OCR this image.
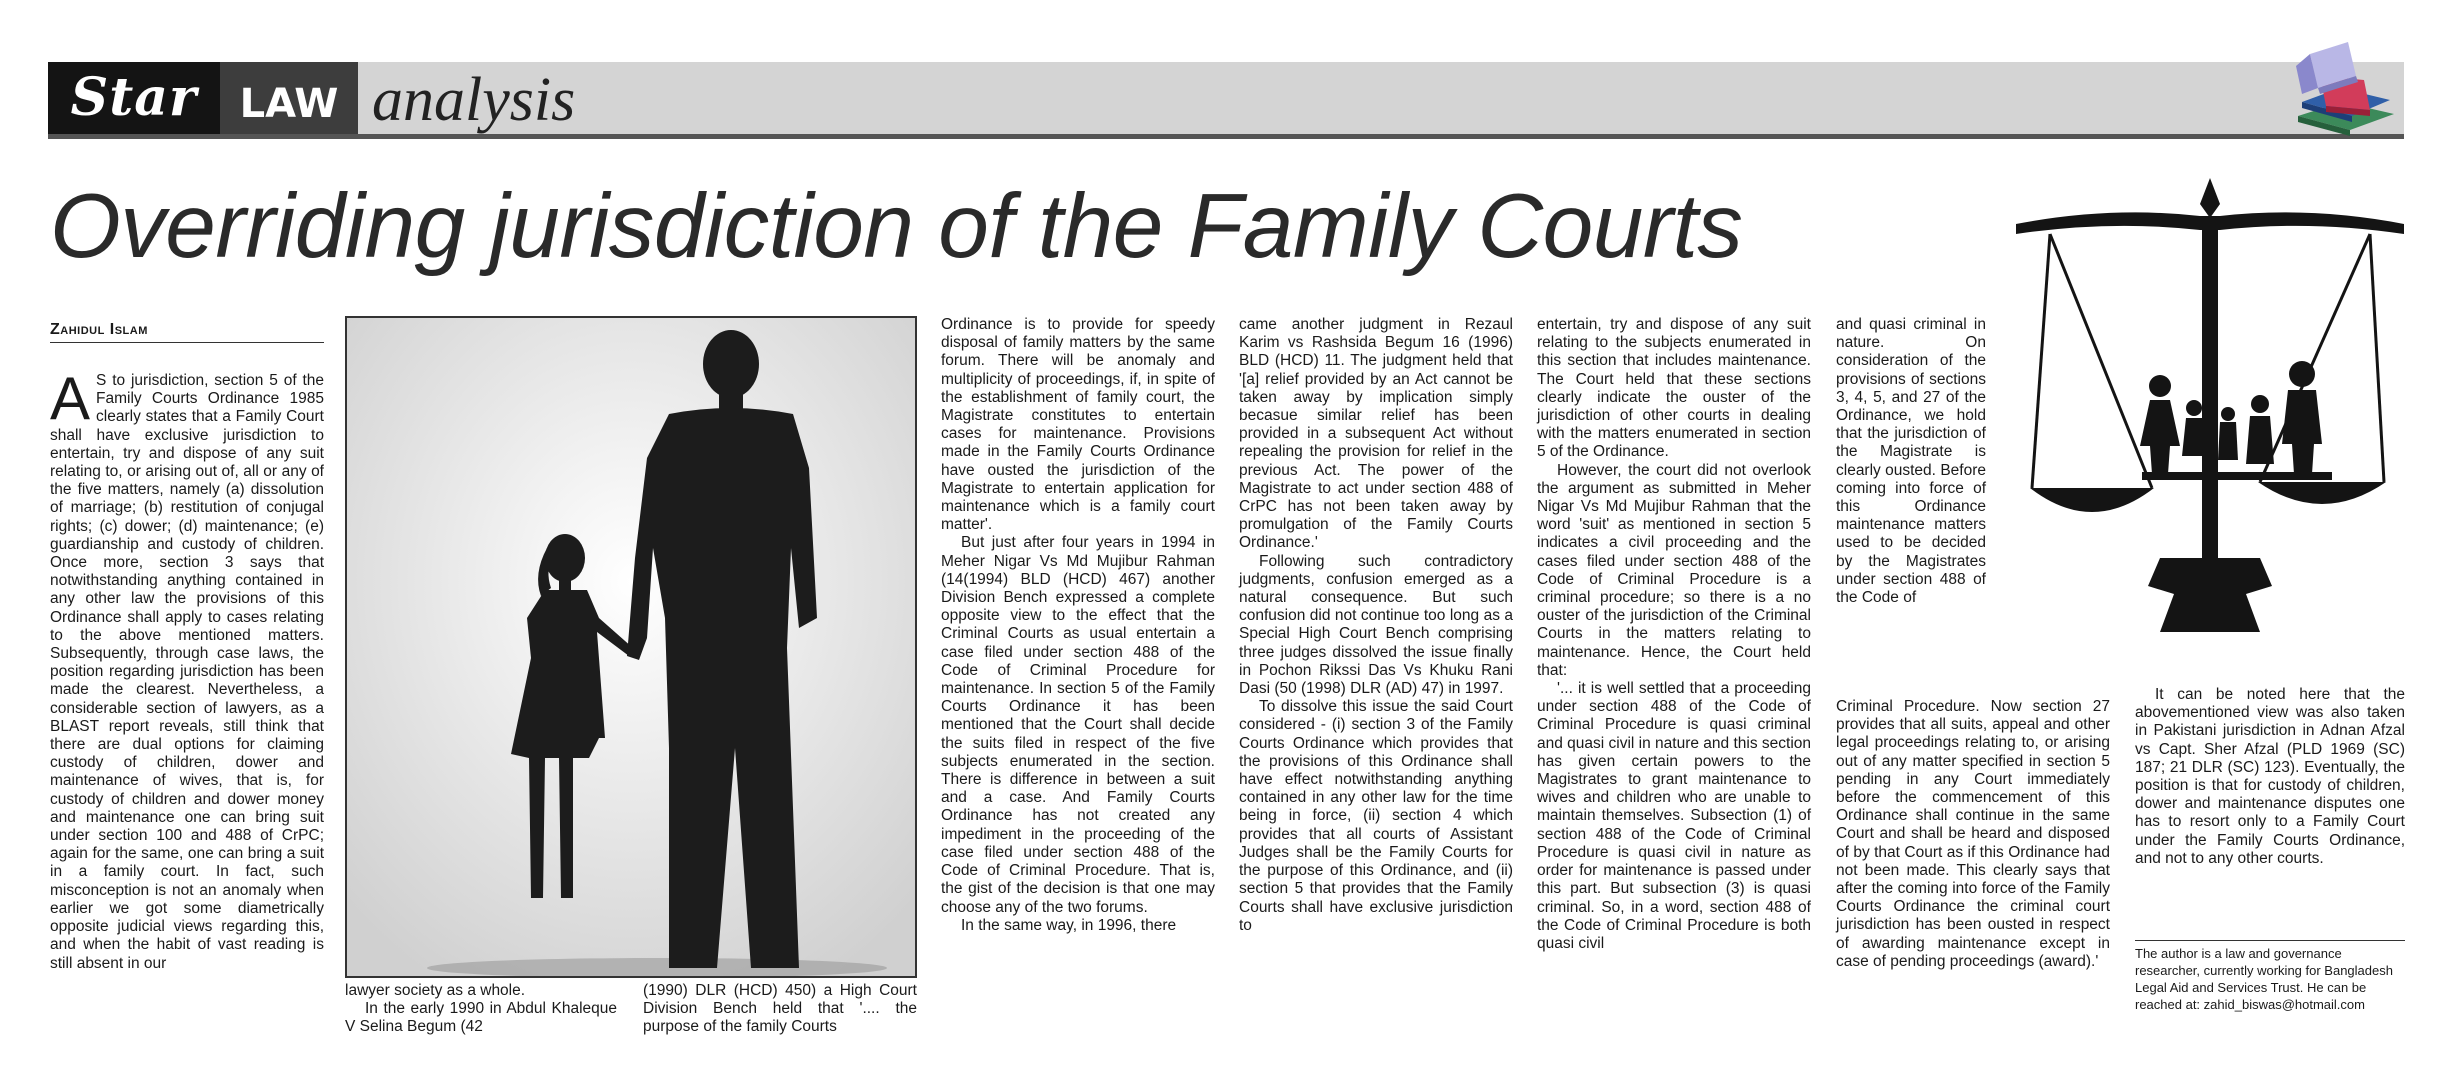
Star	LAW analysis
Overriding jurisdiction of the Family Courts
Zahidul Islam

A S to jurisdiction, section 5 of the Family Courts Ordinance 1985 clearly states that a Family Court shall have exclusive jurisdiction to entertain, try and dispose of any suit relating to, or arising out of, all or any of the five matters, namely (a) dissolution of marriage; (b) restitution of conjugal rights; (c) dower; (d) maintenance; (e) guardianship and custody of children. Once more, section 3 says that notwithstanding anything contained in any other law the provisions of this Ordinance shall apply to cases relating to the above mentioned matters. Subsequently, through case laws, the position regarding jurisdiction has been made the clearest. Nevertheless, a considerable section of lawyers, as a BLAST report reveals, still think that there are dual options for claiming custody of children, dower and maintenance of wives, that is, for custody of children and dower money and maintenance one can bring suit under section 100 and 488 of CrPC; again for the same, one can bring a suit in a family court. In fact, such misconception is not an anomaly when earlier we got some diametrically opposite judicial views regarding this, and when the habit of vast reading is still absent in our

lawyer society as a whole.

In the early 1990 in Abdul Khaleque V Selina Begum (42

(1990) DLR (HCD) 450) a High Court Division Bench held that '.... the purpose of the family Courts

Ordinance is to provide for speedy disposal of family matters by the same forum. There will be anomaly and multiplicity of proceedings, if, in spite of the establishment of family court, the Magistrate constitutes to entertain cases for maintenance. Provisions made in the Family Courts Ordinance have ousted the jurisdiction of the Magistrate to entertain application for maintenance which is a family court matter'.

But just after four years in 1994 in Meher Nigar Vs Md Mujibur Rahman (14(1994) BLD (HCD) 467) another Division Bench expressed a complete opposite view to the effect that the Criminal Courts as usual entertain a case filed under section 488 of the Code of Criminal Procedure for maintenance. In section 5 of the Family Courts Ordinance it has been mentioned that the Court shall decide the suits filed in respect of the five subjects enumerated in the section. There is difference in between a suit and a case. And Family Courts Ordinance has not created any impediment in the proceeding of the case filed under section 488 of the Code of Criminal Procedure. That is, the gist of the decision is that one may choose any of the two forums.

In the same way, in 1996, there

came another judgment in Rezaul Karim vs Rashsida Begum 16 (1996) BLD (HCD) 11. The judgment held that '[a] relief provided by an Act cannot be taken away by implication simply becasue similar relief has been provided in a subsequent Act without repealing the provision for relief in the previous Act. The power of the Magistrate to act under section 488 of CrPC has not been taken away by promulgation of the Family Courts Ordinance.'

Following such contradictory judgments, confusion emerged as a natural consequence. But such confusion did not continue too long as a Special High Court Bench comprising three judges dissolved the issue finally in Pochon Rikssi Das Vs Khuku Rani Dasi (50 (1998) DLR (AD) 47) in 1997.

To dissolve this issue the said Court considered - (i) section 3 of the Family Courts Ordinance which provides that the provisions of this Ordinance shall have effect notwithstanding anything contained in any other law for the time being in force, (ii) section 4 which provides that all courts of Assistant Judges shall be the Family Courts for the purpose of this Ordinance, and (ii) section 5 that provides that the Family Courts shall have exclusive jurisdiction to

entertain, try and dispose of any suit relating to the subjects enumerated in this section that includes maintenance. The Court held that these sections clearly indicate the ouster of the jurisdiction of other courts in dealing with the matters enumerated in section 5 of the Ordinance.

However, the court did not overlook the argument as submitted in Meher Nigar Vs Md Mujibur Rahman that the word 'suit' as mentioned in section 5 indicates a civil proceeding and the cases filed under section 488 of the Code of Criminal Procedure is a criminal procedure; so there is a no ouster of the jurisdiction of the Criminal Courts in the matters relating to maintenance. Hence, the Court held that:

'... it is well settled that a proceeding under section 488 of the Code of Criminal Procedure is quasi criminal and quasi civil in nature and this section has given certain powers to the Magistrates to grant maintenance to wives and children who are unable to maintain themselves. Subsection (1) of section 488 of the Code of Criminal Procedure is quasi civil in nature as order for maintenance is passed under this part. But subsection (3) is quasi criminal. So, in a word, section 488 of the Code of Criminal Procedure is both quasi civil

and quasi criminal in nature. On consideration of the provisions of sections 3, 4, 5, and 27 of the Ordinance, we hold that the jurisdiction of the Magistrate is clearly ousted. Before coming into force of this Ordinance maintenance matters used to be decided by the Magistrates under section 488 of the Code of

Criminal Procedure. Now section 27 provides that all suits, appeal and other legal proceedings relating to, or arising out of any matter specified in section 5 pending in any Court immediately before the commencement of this Ordinance shall continue in the same Court and shall be heard and disposed of by that Court as if this Ordinance had not been made. This clearly says that after the coming into force of the Family Courts Ordinance the criminal court jurisdiction has been ousted in respect of awarding maintenance except in case of pending proceedings (award).'

It can be noted here that the abovementioned view was also taken in Pakistani jurisdiction in Adnan Afzal vs Capt. Sher Afzal (PLD 1969 (SC) 187; 21 DLR (SC) 123). Eventually, the position is that for custody of children, dower and maintenance disputes one has to resort only to a Family Court under the Family Courts Ordinance, and not to any other courts.

The author is a law and governance researcher, currently working for Bangladesh Legal Aid and Services Trust. He can be reached at: zahid_biswas@hotmail.com
